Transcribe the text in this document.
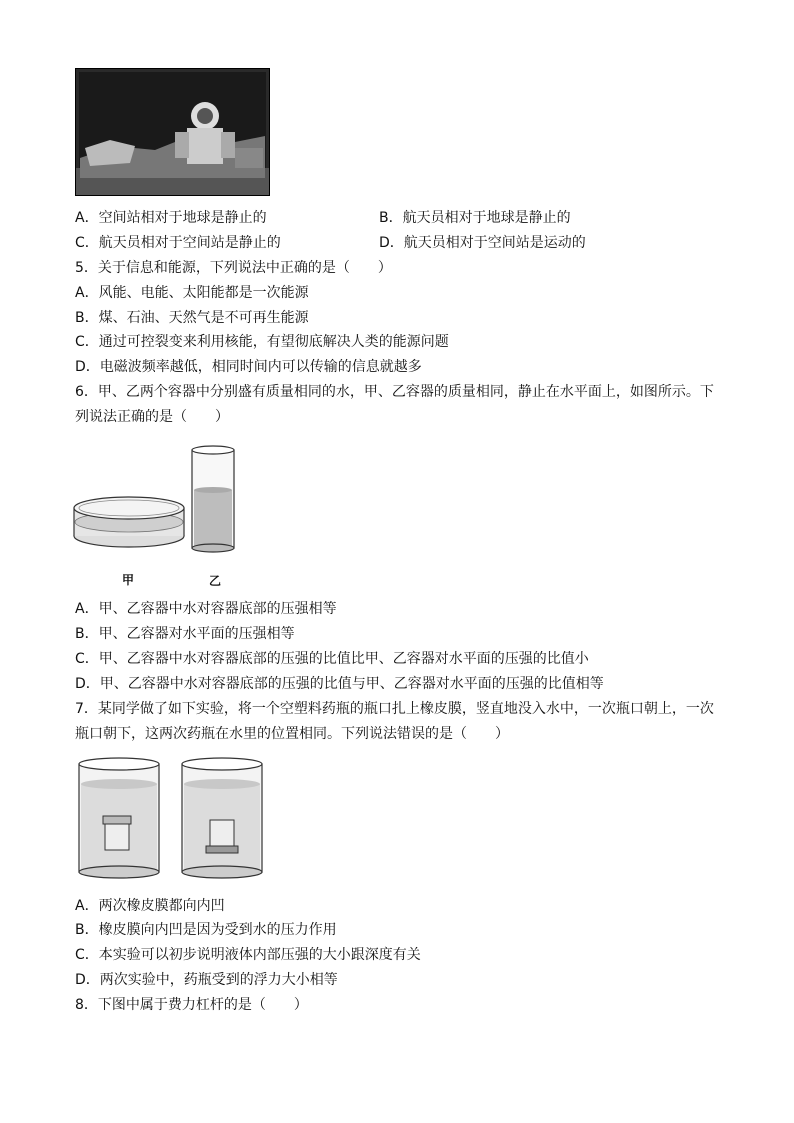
A．空间站相对于地球是静止的	B．航天员相对于地球是静止的
C．航天员相对于空间站是静止的	D．航天员相对于空间站是运动的
5．关于信息和能源，下列说法中正确的是（　　）
A．风能、电能、太阳能都是一次能源
B．煤、石油、天然气是不可再生能源
C．通过可控裂变来利用核能，有望彻底解决人类的能源问题
D．电磁波频率越低，相同时间内可以传输的信息就越多
6．甲、乙两个容器中分别盛有质量相同的水，甲、乙容器的质量相同，静止在水平面上，如图所示。下
列说法正确的是（　　）
甲	乙
A．甲、乙容器中水对容器底部的压强相等
B．甲、乙容器对水平面的压强相等
C．甲、乙容器中水对容器底部的压强的比值比甲、乙容器对水平面的压强的比值小
D．甲、乙容器中水对容器底部的压强的比值与甲、乙容器对水平面的压强的比值相等
7．某同学做了如下实验，将一个空塑料药瓶的瓶口扎上橡皮膜，竖直地没入水中，一次瓶口朝上，一次
瓶口朝下，这两次药瓶在水里的位置相同。下列说法错误的是（　　）
A．两次橡皮膜都向内凹
B．橡皮膜向内凹是因为受到水的压力作用
C．本实验可以初步说明液体内部压强的大小跟深度有关
D．两次实验中，药瓶受到的浮力大小相等
8．下图中属于费力杠杆的是（　　）
